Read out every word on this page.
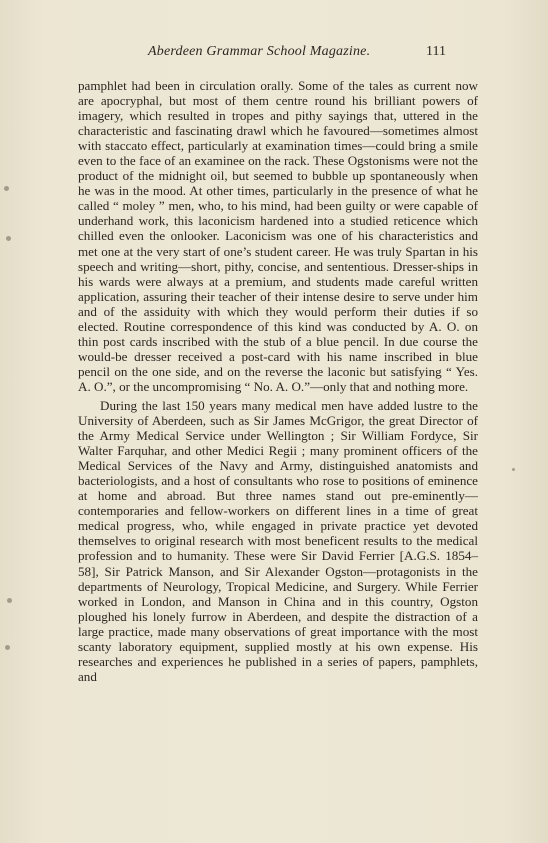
Aberdeen Grammar School Magazine.	111

pamphlet had been in circulation orally. Some of the tales as current now are apocryphal, but most of them centre round his brilliant powers of imagery, which resulted in tropes and pithy sayings that, uttered in the characteristic and fascinating drawl which he favoured—sometimes almost with staccato effect, particularly at examination times—could bring a smile even to the face of an examinee on the rack. These Ogstonisms were not the product of the midnight oil, but seemed to bubble up spontaneously when he was in the mood. At other times, particularly in the presence of what he called “ moley ” men, who, to his mind, had been guilty or were capable of underhand work, this laconicism hardened into a studied reticence which chilled even the onlooker. Laconicism was one of his characteristics and met one at the very start of one’s student career. He was truly Spartan in his speech and writing—short, pithy, concise, and sententious. Dresser-ships in his wards were always at a premium, and students made careful written application, assuring their teacher of their intense desire to serve under him and of the assiduity with which they would perform their duties if so elected. Routine correspondence of this kind was conducted by A. O. on thin post cards inscribed with the stub of a blue pencil. In due course the would-be dresser received a post-card with his name inscribed in blue pencil on the one side, and on the reverse the laconic but satisfying “ Yes. A. O.”, or the uncompromising “ No. A. O.”—only that and nothing more.

During the last 150 years many medical men have added lustre to the University of Aberdeen, such as Sir James McGrigor, the great Director of the Army Medical Service under Wellington ; Sir William Fordyce, Sir Walter Farquhar, and other Medici Regii ; many prominent officers of the Medical Services of the Navy and Army, distinguished anatomists and bacteriologists, and a host of consultants who rose to positions of eminence at home and abroad. But three names stand out pre-eminently—contemporaries and fellow-workers on different lines in a time of great medical progress, who, while engaged in private practice yet devoted themselves to original research with most beneficent results to the medical profession and to humanity. These were Sir David Ferrier [A.G.S. 1854–58], Sir Patrick Manson, and Sir Alexander Ogston—protagonists in the departments of Neurology, Tropical Medicine, and Surgery. While Ferrier worked in London, and Manson in China and in this country, Ogston ploughed his lonely furrow in Aberdeen, and despite the distraction of a large practice, made many observations of great importance with the most scanty laboratory equipment, supplied mostly at his own expense. His researches and experiences he published in a series of papers, pamphlets, and
